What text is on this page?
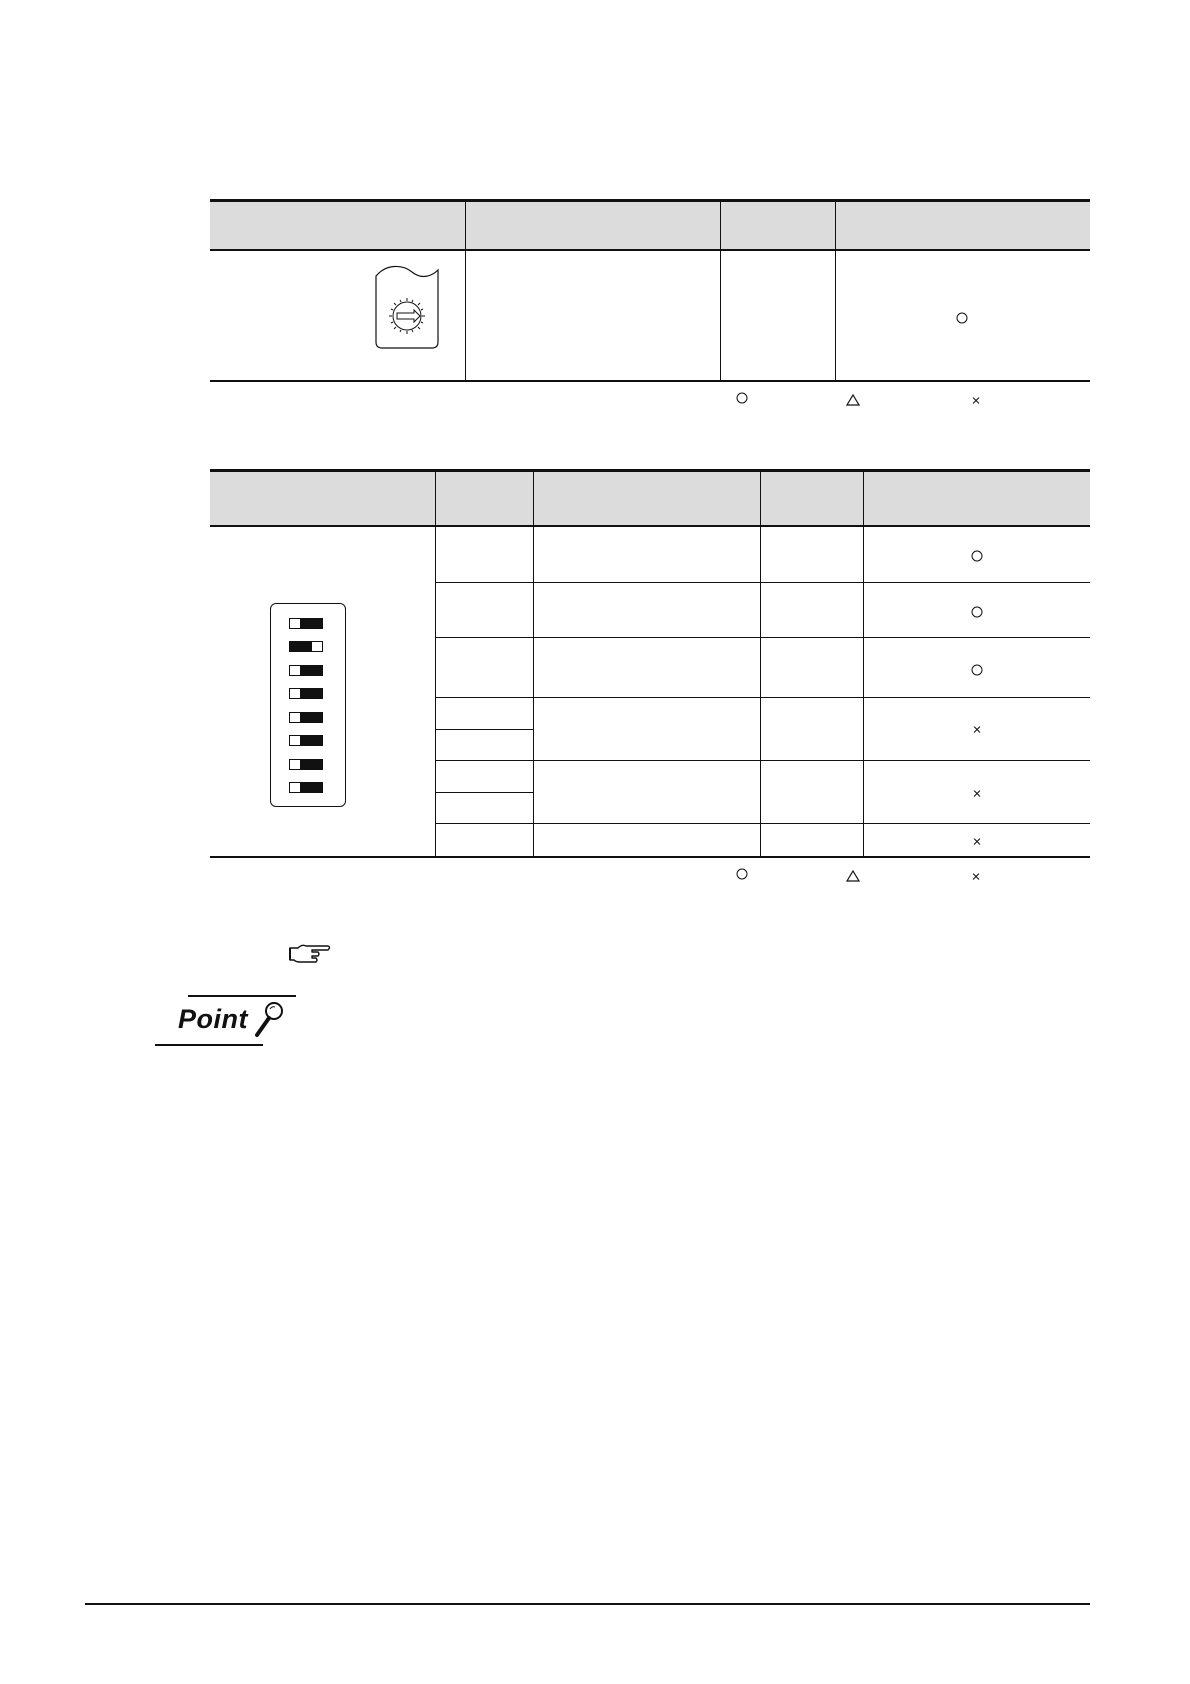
×
×
×
×
×
Point
